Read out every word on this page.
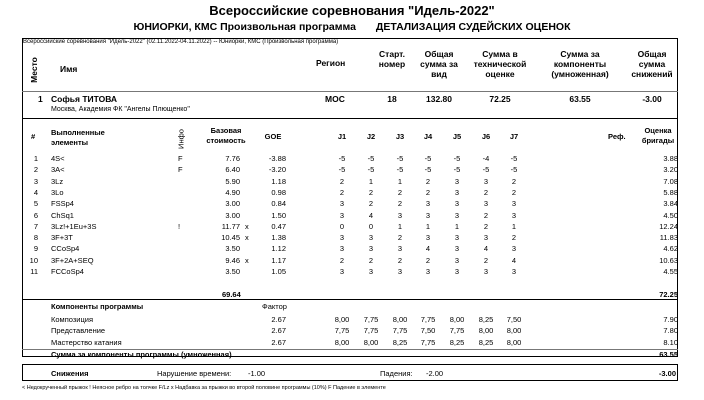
Всероссийские соревнования "Идель-2022"
ЮНИОРКИ, КМС Произвольная программа ДЕТАЛИЗАЦИЯ СУДЕЙСКИХ ОЦЕНОК
Всероссийские соревнования "Идель-2022" (02.11.2022-04.11.2022) -- Юниорки, КМС (Произвольная программа)
Место Имя
Регион
Старт. номер
Общая сумма за вид
Сумма в технической оценке
Сумма за компоненты (умноженная)
Общая сумма снижений
1 Софья ТИТОВА
Москва, Академия ФК "Ангелы Плющенко"
МОС	18	132.80	72.25	63.55	-3.00
# Выполненные элементы	Инфо	Базовая стоимость	GOE	J1	J2	J3	J4	J5	J6	J7	Реф.
Оценка бригады
1 4S<	F	7.76	-3.88	-5	-5	-5	-5	-5	-4	-5	3.88
2 3A<	F	6.40	-3.20	-5	-5	-5	-5	-5	-5	-5	3.20
3 3Lz	5.90	1.18	2	1	1	2	3	3	2	7.08
4 3Lo	4.90	0.98	2	2	2	2	3	2	2	5.88
5 FSSp4	3.00	0.84	3	2	2	3	3	3	3	3.84
6 ChSq1	3.00	1.50	3	4	3	3	3	2	3	4.50
7 3Lz!+1Eu+3S	!	11.77 x	0.47	0	0	1	1	1	2	1	12.24
8 3F+3T	10.45 x	1.38	3	3	2	3	3	3	2	11.83
9 CCoSp4	3.50	1.12	3	3	3	4	3	4	3	4.62
10 3F+2A+SEQ	9.46 x	1.17	2	2	2	2	3	2	4	10.63
11 FCCoSp4	3.50	1.05	3	3	3	3	3	3	3	4.55
69.64	72.25
Компоненты программы	Фактор
Композиция	2.67	8,00	7,75	8,00	7,75	8,00	8,25	7,50	7.90
Представление	2.67	7,75	7,75	7,75	7,50	7,75	8,00	8,00	7.80
Мастерство катания	2.67	8,00	8,00	8,25	7,75	8,25	8,25	8,00	8.10
Сумма за компоненты программы (умноженная)	63.55
Снижения	Нарушение времени: -1.00	Падения: -2.00	-3.00
< Недокрученный прыжок ! Неясное ребро на толчке F/Lz x Надбавка за прыжки во второй половине программы (10%) F Падение в элементе
